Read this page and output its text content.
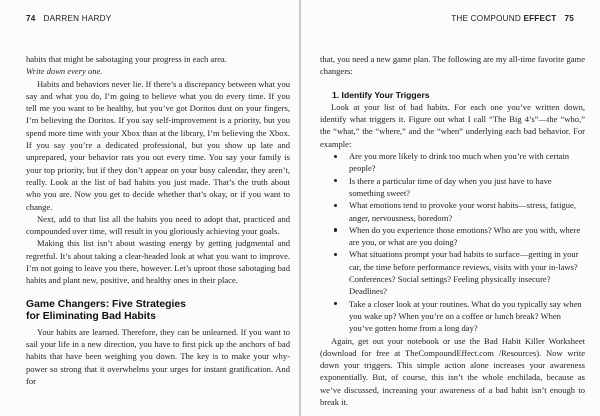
74 DARREN HARDY

habits that might be sabotaging your progress in each area.

Write down every one.

Habits and behaviors never lie. If there’s a discrepancy between what you say and what you do, I’m going to believe what you do every time. If you tell me you want to be healthy, but you’ve got Doritos dust on your fingers, I’m believing the Doritos. If you say self-improvement is a priority, but you spend more time with your Xbox than at the library, I’m believing the Xbox. If you say you’re a dedicated professional, but you show up late and unprepared, your behavior rats you out every time. You say your family is your top priority, but if they don’t appear on your busy calendar, they aren’t, really. Look at the list of bad habits you just made. That’s the truth about who you are. Now you get to decide whether that’s okay, or if you want to change.

Next, add to that list all the habits you need to adopt that, practiced and compounded over time, will result in you gloriously achieving your goals.

Making this list isn’t about wasting energy by getting judgmental and regretful. It’s about taking a clear-headed look at what you want to improve. I’m not going to leave you there, however. Let’s uproot those sabotaging bad habits and plant new, positive, and healthy ones in their place.

Game Changers: Five Strategies
for Eliminating Bad Habits

Your habits are learned. Therefore, they can be unlearned. If you want to sail your life in a new direction, you have to first pick up the anchors of bad habits that have been weighing you down. The key is to make your why-power so strong that it overwhelms your urges for instant gratification. And for

THE COMPOUND EFFECT 75

that, you need a new game plan. The following are my all-time favorite game changers:

1. Identify Your Triggers

Look at your list of bad habits. For each one you’ve written down, identify what triggers it. Figure out what I call “The Big 4’s”—the “who,” the “what,” the “where,” and the “when” underlying each bad behavior. For example:

Are you more likely to drink too much when you’re with certain people?
Is there a particular time of day when you just have to have something sweet?
What emotions tend to provoke your worst habits—stress, fatigue, anger, nervousness, boredom?
When do you experience those emotions? Who are you with, where are you, or what are you doing?
What situations prompt your bad habits to surface—getting in your car, the time before performance reviews, visits with your in-laws? Conferences? Social settings? Feeling physically insecure? Deadlines?
Take a closer look at your routines. What do you typically say when you wake up? When you’re on a coffee or lunch break? When you’ve gotten home from a long day?

Again, get out your notebook or use the Bad Habit Killer Worksheet (download for free at TheCompoundEffect.com /Resources). Now write down your triggers. This simple action alone increases your awareness exponentially. But, of course, this isn’t the whole enchilada, because as we’ve discussed, increasing your awareness of a bad habit isn’t enough to break it.
